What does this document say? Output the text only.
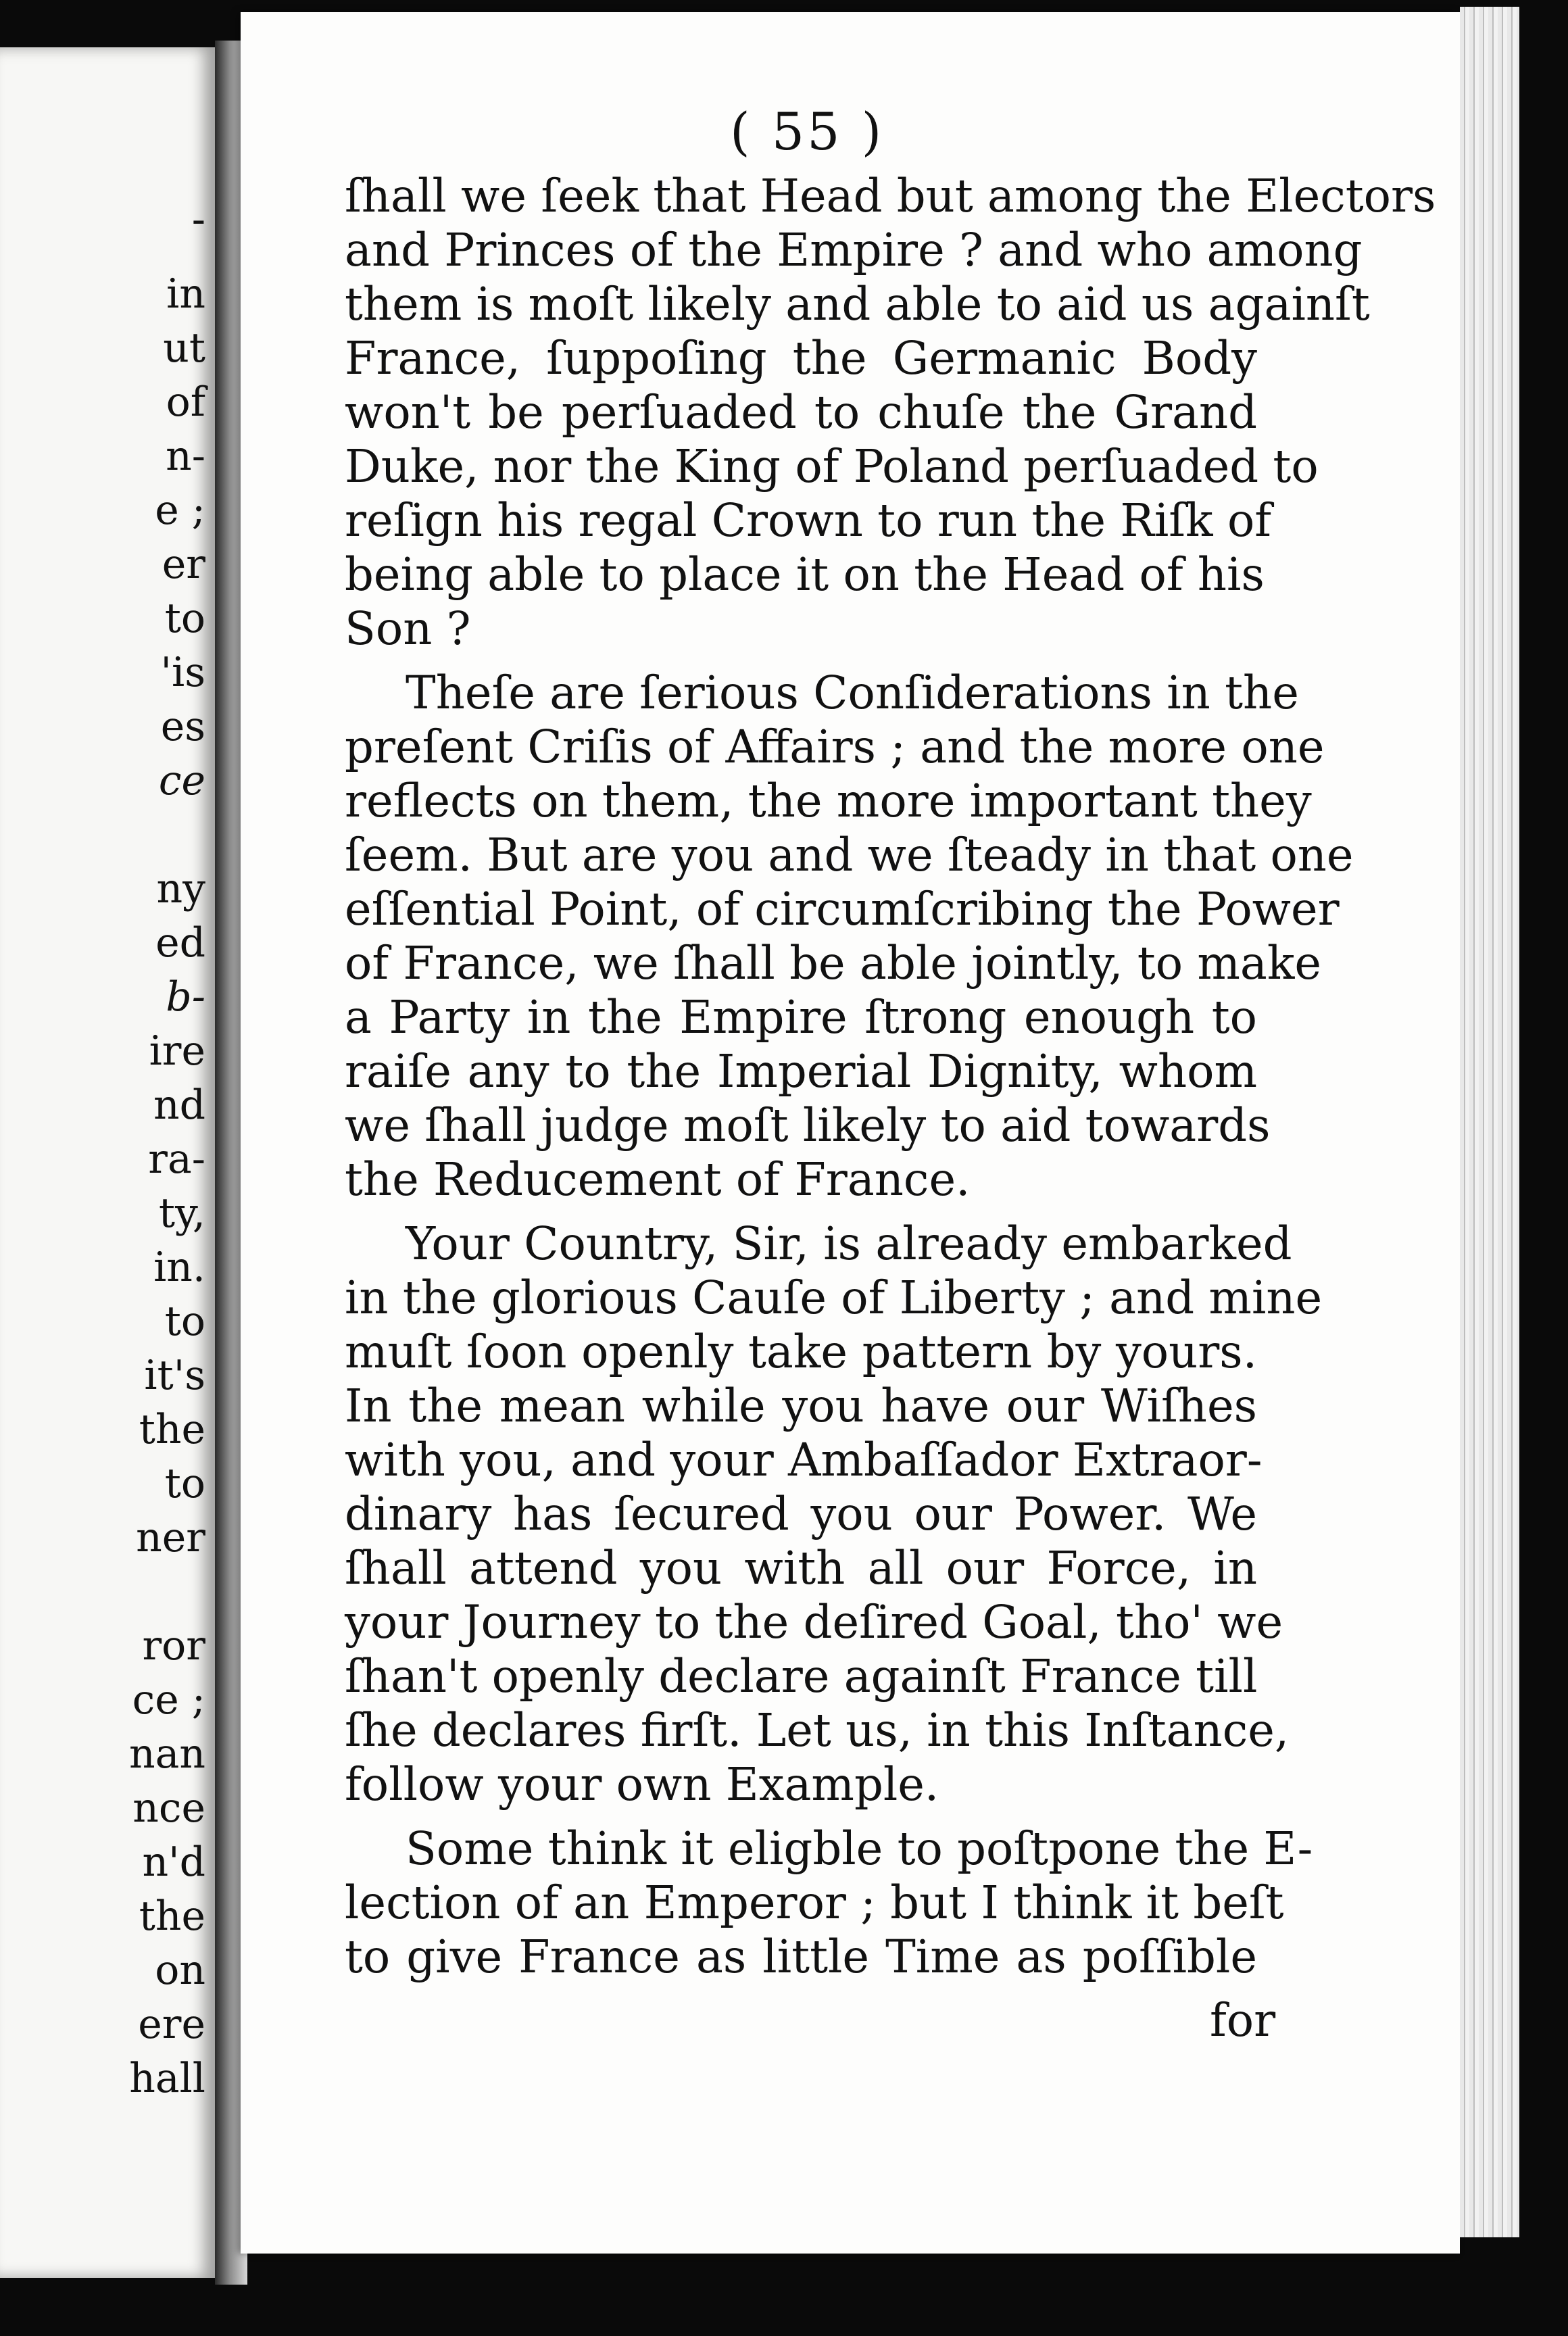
-
in
ut
of
n-
e ;
er
to
'is
es
ce
ny
ed
b-
ire
nd
ra-
ty,
in.
to
it's
the
to
ner
ror
ce ;
nan
nce
n'd
the
on
ere
hall
( 55 )
ſhall we ſeek that Head but among the Electors
and Princes of the Empire ? and who among
them is moſt likely and able to aid us againſt
France, ſuppoſing the Germanic Body
won't be perſuaded to chuſe the Grand
Duke, nor the King of Poland perſuaded to
reſign his regal Crown to run the Riſk of
being able to place it on the Head of his
Son ?
Theſe are ſerious Conſiderations in the
preſent Criſis of Affairs ; and the more one
reflects on them, the more important they
ſeem. But are you and we ſteady in that one
eſſential Point, of circumſcribing the Power
of France, we ſhall be able jointly, to make
a Party in the Empire ſtrong enough to
raiſe any to the Imperial Dignity, whom
we ſhall judge moſt likely to aid towards
the Reducement of France.
Your Country, Sir, is already embarked
in the glorious Cauſe of Liberty ; and mine
muſt ſoon openly take pattern by yours.
In the mean while you have our Wiſhes
with you, and your Ambaſſador Extraor-
dinary has ſecured you our Power. We
ſhall attend you with all our Force, in
your Journey to the deſired Goal, tho' we
ſhan't openly declare againſt France till
ſhe declares firſt. Let us, in this Inſtance,
follow your own Example.
Some think it eligble to poſtpone the E-
lection of an Emperor ; but I think it beſt
to give France as little Time as poſſible
for
